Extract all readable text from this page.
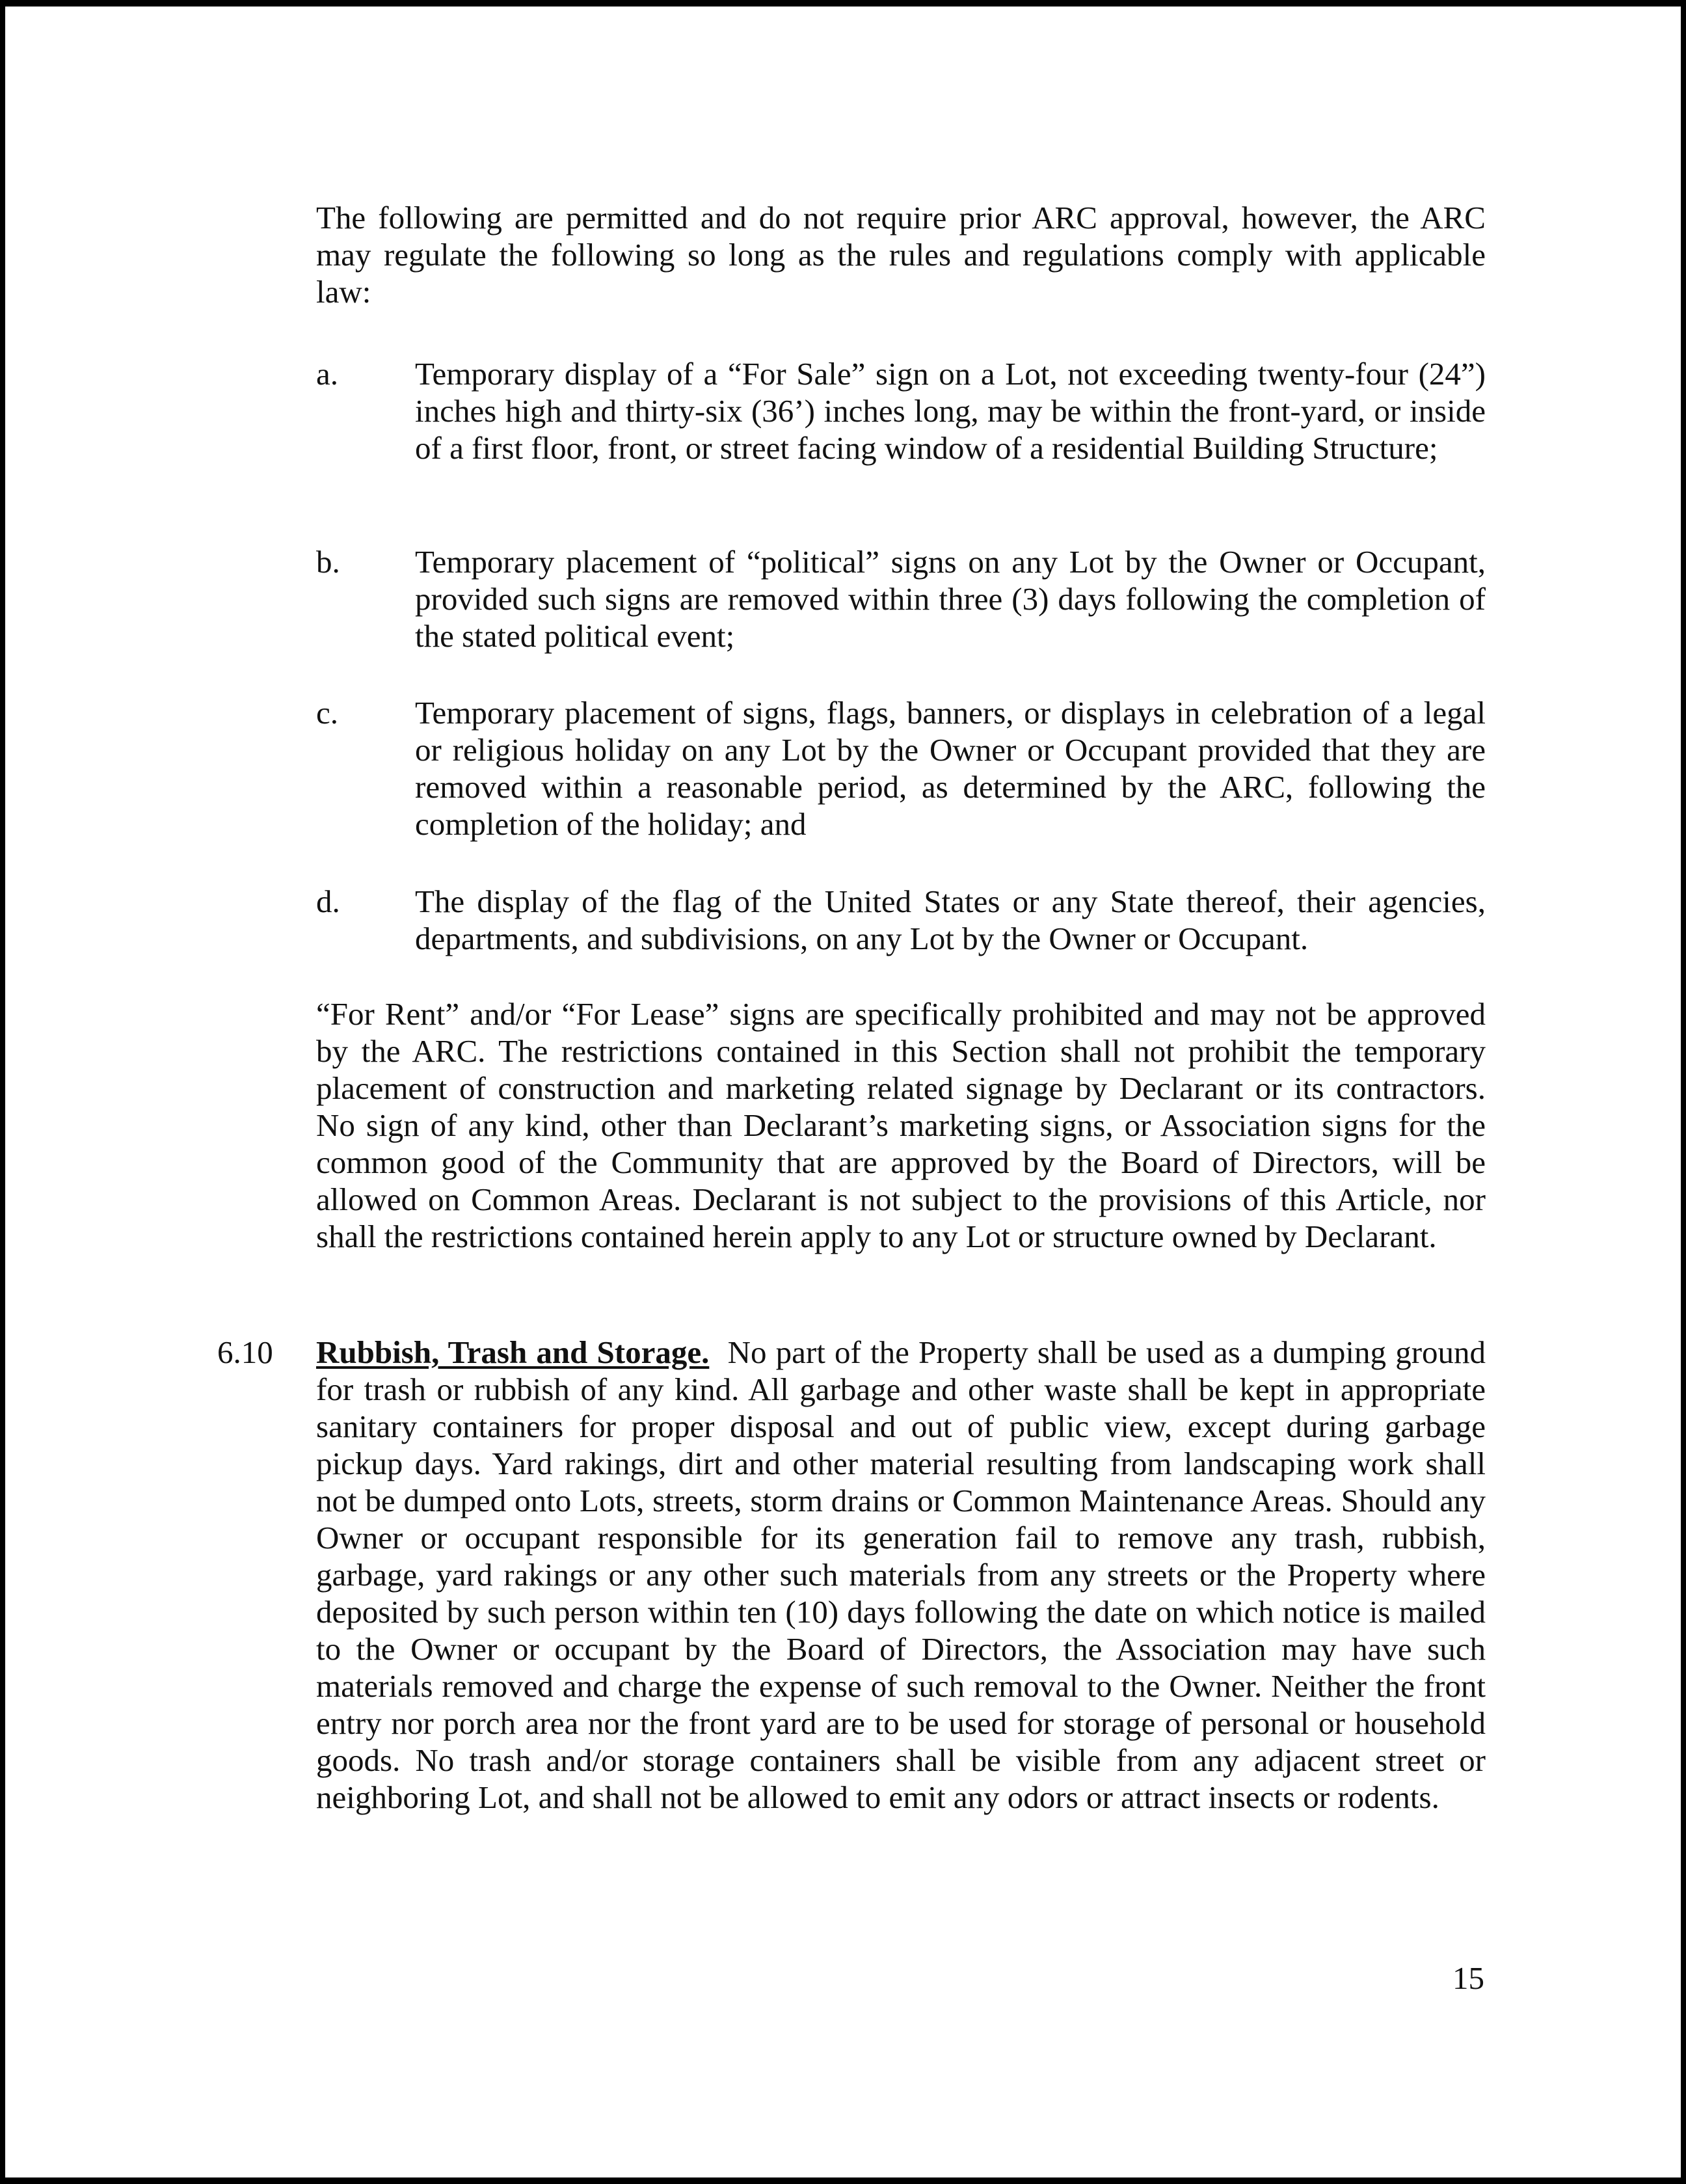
The following are permitted and do not require prior ARC approval, however, the ARC may regulate the following so long as the rules and regulations comply with applicable law:
a. Temporary display of a “For Sale” sign on a Lot, not exceeding twenty-four (24”) inches high and thirty-six (36’) inches long, may be within the front-yard, or inside of a first floor, front, or street facing window of a residential Building Structure;
b. Temporary placement of “political” signs on any Lot by the Owner or Occupant, provided such signs are removed within three (3) days following the completion of the stated political event;
c. Temporary placement of signs, flags, banners, or displays in celebration of a legal or religious holiday on any Lot by the Owner or Occupant provided that they are removed within a reasonable period, as determined by the ARC, following the completion of the holiday; and
d. The display of the flag of the United States or any State thereof, their agencies, departments, and subdivisions, on any Lot by the Owner or Occupant.
“For Rent” and/or “For Lease” signs are specifically prohibited and may not be approved by the ARC. The restrictions contained in this Section shall not prohibit the temporary placement of construction and marketing related signage by Declarant or its contractors. No sign of any kind, other than Declarant’s marketing signs, or Association signs for the common good of the Community that are approved by the Board of Directors, will be allowed on Common Areas. Declarant is not subject to the provisions of this Article, nor shall the restrictions contained herein apply to any Lot or structure owned by Declarant.
6.10 Rubbish, Trash and Storage. No part of the Property shall be used as a dumping ground for trash or rubbish of any kind. All garbage and other waste shall be kept in appropriate sanitary containers for proper disposal and out of public view, except during garbage pickup days. Yard rakings, dirt and other material resulting from landscaping work shall not be dumped onto Lots, streets, storm drains or Common Maintenance Areas. Should any Owner or occupant responsible for its generation fail to remove any trash, rubbish, garbage, yard rakings or any other such materials from any streets or the Property where deposited by such person within ten (10) days following the date on which notice is mailed to the Owner or occupant by the Board of Directors, the Association may have such materials removed and charge the expense of such removal to the Owner. Neither the front entry nor porch area nor the front yard are to be used for storage of personal or household goods. No trash and/or storage containers shall be visible from any adjacent street or neighboring Lot, and shall not be allowed to emit any odors or attract insects or rodents.
15
